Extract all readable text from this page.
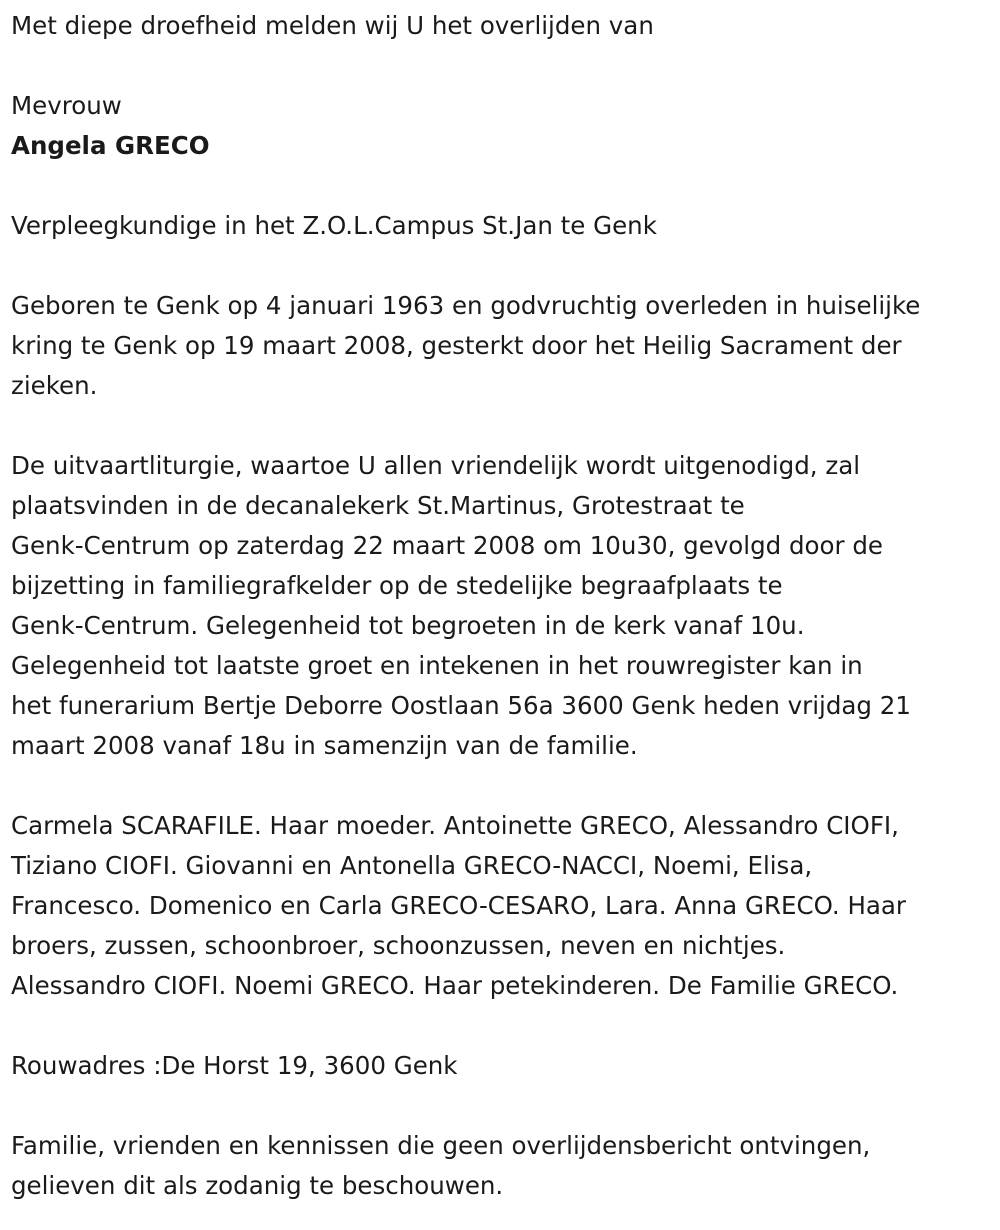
Met diepe droefheid melden wij U het overlijden van
Mevrouw
Angela GRECO
Verpleegkundige in het Z.O.L.Campus St.Jan te Genk
Geboren te Genk op 4 januari 1963 en godvruchtig overleden in huiselijke
kring te Genk op 19 maart 2008, gesterkt door het Heilig Sacrament der
zieken.
De uitvaartliturgie, waartoe U allen vriendelijk wordt uitgenodigd, zal
plaatsvinden in de decanalekerk St.Martinus, Grotestraat te
Genk-Centrum op zaterdag 22 maart 2008 om 10u30, gevolgd door de
bijzetting in familiegrafkelder op de stedelijke begraafplaats te
Genk-Centrum. Gelegenheid tot begroeten in de kerk vanaf 10u.
Gelegenheid tot laatste groet en intekenen in het rouwregister kan in
het funerarium Bertje Deborre Oostlaan 56a 3600 Genk heden vrijdag 21
maart 2008 vanaf 18u in samenzijn van de familie.
Carmela SCARAFILE. Haar moeder. Antoinette GRECO, Alessandro CIOFI,
Tiziano CIOFI. Giovanni en Antonella GRECO-NACCI, Noemi, Elisa,
Francesco. Domenico en Carla GRECO-CESARO, Lara. Anna GRECO. Haar
broers, zussen, schoonbroer, schoonzussen, neven en nichtjes.
Alessandro CIOFI. Noemi GRECO. Haar petekinderen. De Familie GRECO.
Rouwadres :De Horst 19, 3600 Genk
Familie, vrienden en kennissen die geen overlijdensbericht ontvingen,
gelieven dit als zodanig te beschouwen.
